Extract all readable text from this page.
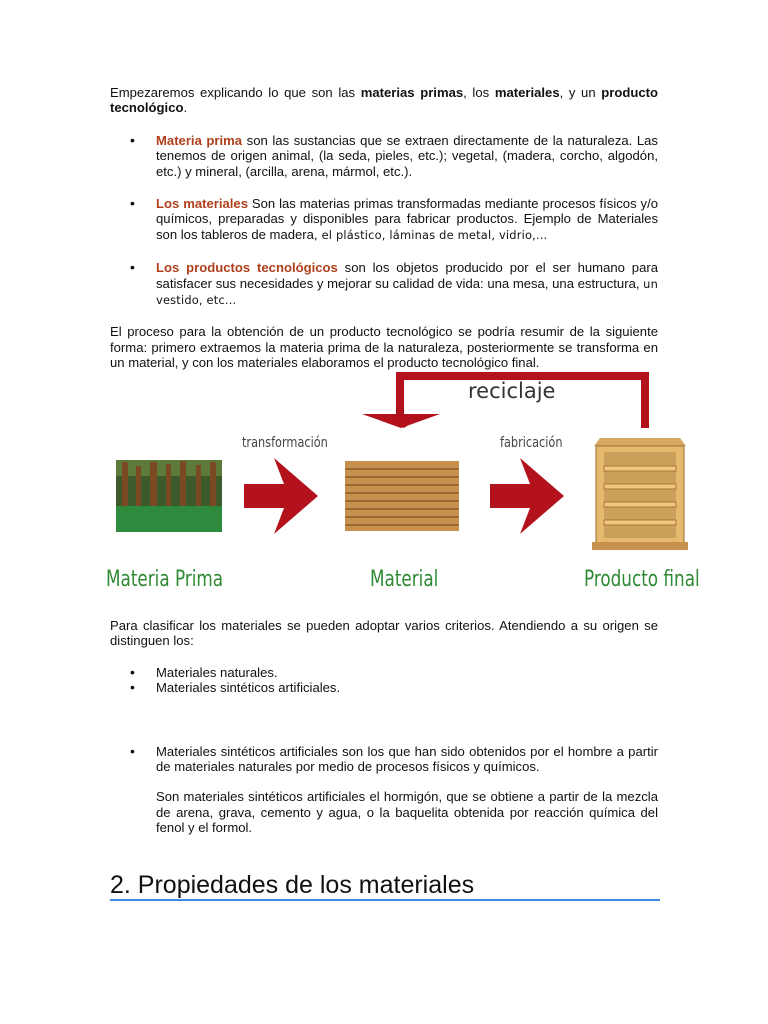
Empezaremos explicando lo que son las materias primas, los materiales, y un producto tecnológico.

• Materia prima son las sustancias que se extraen directamente de la naturaleza. Las tenemos de origen animal, (la seda, pieles, etc.); vegetal, (madera, corcho, algodón, etc.) y mineral, (arcilla, arena, mármol, etc.).
• Los materiales Son las materias primas transformadas mediante procesos físicos y/o químicos, preparadas y disponibles para fabricar productos. Ejemplo de Materiales son los tableros de madera, el plástico, láminas de metal, vidrio,...
• Los productos tecnológicos son los objetos producido por el ser humano para satisfacer sus necesidades y mejorar su calidad de vida: una mesa, una estructura, un vestido, etc...

El proceso para la obtención de un producto tecnológico se podría resumir de la siguiente forma: primero extraemos la materia prima de la naturaleza, posteriormente se transforma en un material, y con los materiales elaboramos el producto tecnológico final.

reciclaje
transformación	fabricación
Materia Prima	Material	Producto final

Para clasificar los materiales se pueden adoptar varios criterios. Atendiendo a su origen se distinguen los:

• Materiales naturales.
• Materiales sintéticos artificiales.
• Materiales sintéticos artificiales son los que han sido obtenidos por el hombre a partir de materiales naturales por medio de procesos físicos y químicos.

Son materiales sintéticos artificiales el hormigón, que se obtiene a partir de la mezcla de arena, grava, cemento y agua, o la baquelita obtenida por reacción química del fenol y el formol.

2. Propiedades de los materiales
